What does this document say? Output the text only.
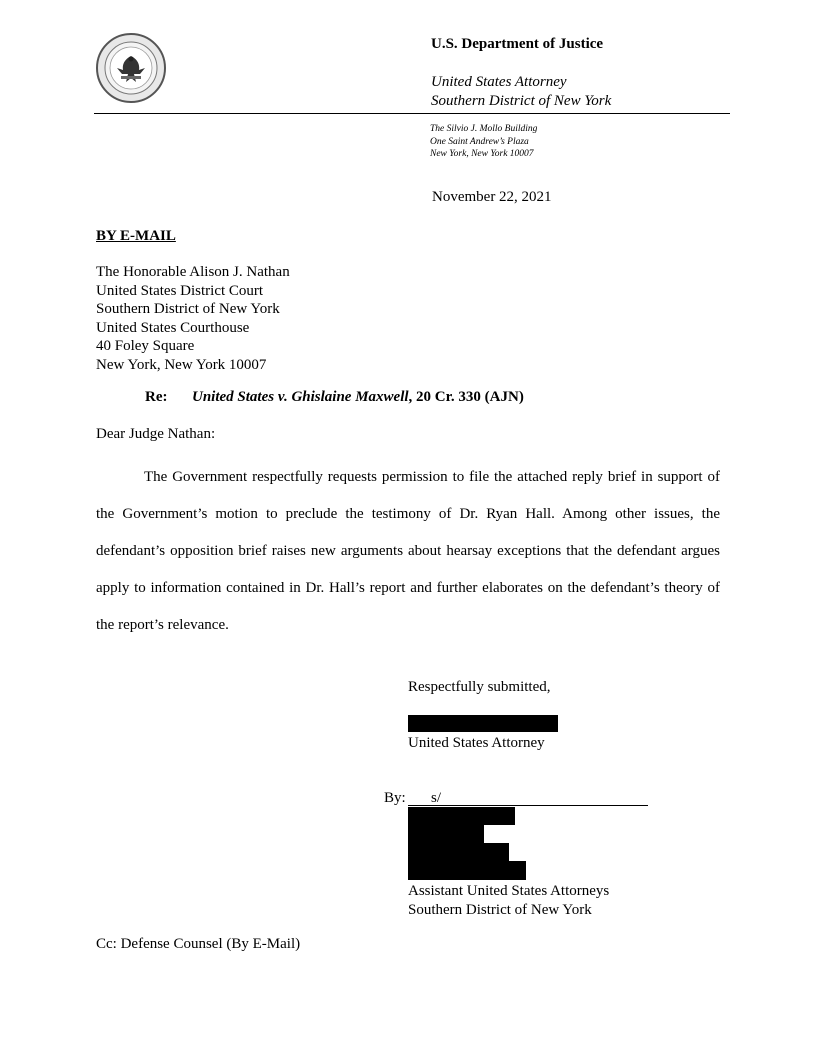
U.S. Department of Justice
United States Attorney
Southern District of New York
The Silvio J. Mollo Building
One Saint Andrew’s Plaza
New York, New York 10007
November 22, 2021
BY E-MAIL
The Honorable Alison J. Nathan
United States District Court
Southern District of New York
United States Courthouse
40 Foley Square
New York, New York 10007
Re: United States v. Ghislaine Maxwell, 20 Cr. 330 (AJN)
Dear Judge Nathan:
The Government respectfully requests permission to file the attached reply brief in support of the Government’s motion to preclude the testimony of Dr. Ryan Hall. Among other issues, the defendant’s opposition brief raises new arguments about hearsay exceptions that the defendant argues apply to information contained in Dr. Hall’s report and further elaborates on the defendant’s theory of the report’s relevance.
Respectfully submitted,
United States Attorney
By: s/
Assistant United States Attorneys
Southern District of New York
Cc: Defense Counsel (By E-Mail)
